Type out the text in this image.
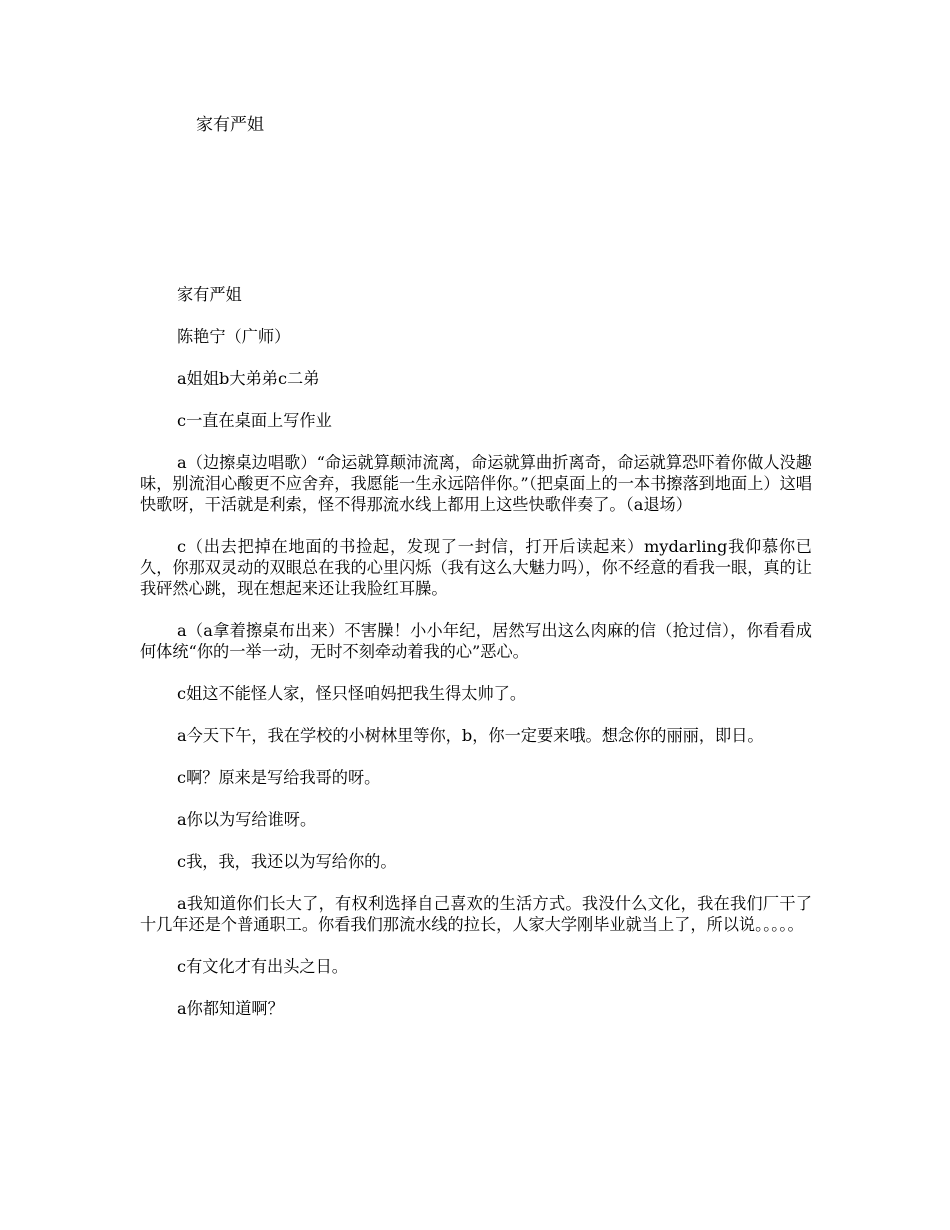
家有严姐

家有严姐

陈艳宁（广师）

a姐姐b大弟弟c二弟

c一直在桌面上写作业

a（边擦桌边唱歌）“命运就算颠沛流离，命运就算曲折离奇，命运就算恐吓着你做人没趣味，别流泪心酸更不应舍弃，我愿能一生永远陪伴你。”（把桌面上的一本书擦落到地面上）这唱快歌呀，干活就是利索，怪不得那流水线上都用上这些快歌伴奏了。（a退场）

c（出去把掉在地面的书捡起，发现了一封信，打开后读起来）mydarling我仰慕你已久，你那双灵动的双眼总在我的心里闪烁（我有这么大魅力吗），你不经意的看我一眼，真的让我砰然心跳，现在想起来还让我脸红耳臊。

a（a拿着擦桌布出来）不害臊！小小年纪，居然写出这么肉麻的信（抢过信），你看看成何体统“你的一举一动，无时不刻牵动着我的心”恶心。

c姐这不能怪人家，怪只怪咱妈把我生得太帅了。

a今天下午，我在学校的小树林里等你，b，你一定要来哦。想念你的丽丽，即日。

c啊？原来是写给我哥的呀。

a你以为写给谁呀。

c我，我，我还以为写给你的。

a我知道你们长大了，有权利选择自己喜欢的生活方式。我没什么文化，我在我们厂干了十几年还是个普通职工。你看我们那流水线的拉长，人家大学刚毕业就当上了，所以说。。。。。

c有文化才有出头之日。

a你都知道啊？
